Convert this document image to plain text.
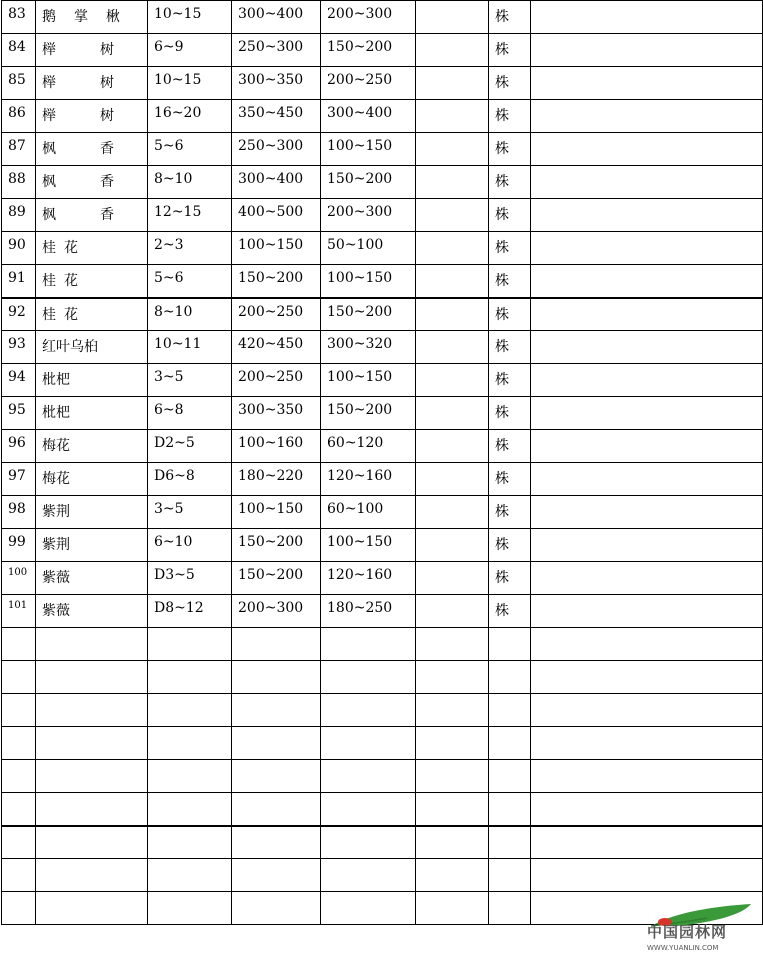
83	鹅 掌 楸	10~15	300~400	200~300		株	
84	榉 树	6~9	250~300	150~200		株	
85	榉 树	10~15	300~350	200~250		株	
86	榉 树	16~20	350~450	300~400		株	
87	枫 香	5~6	250~300	100~150		株	
88	枫 香	8~10	300~400	150~200		株	
89	枫 香	12~15	400~500	200~300		株	
90	桂 花	2~3	100~150	50~100		株	
91	桂 花	5~6	150~200	100~150		株	
92	桂 花	8~10	200~250	150~200		株	
93	红叶乌桕	10~11	420~450	300~320		株	
94	枇杷	3~5	200~250	100~150		株	
95	枇杷	6~8	300~350	150~200		株	
96	梅花	D2~5	100~160	60~120		株	
97	梅花	D6~8	180~220	120~160		株	
98	紫荆	3~5	100~150	60~100		株	
99	紫荆	6~10	150~200	100~150		株	
100	紫薇	D3~5	150~200	120~160		株	
101	紫薇	D8~12	200~300	180~250		株	

中国园林网
WWW.YUANLIN.COM
